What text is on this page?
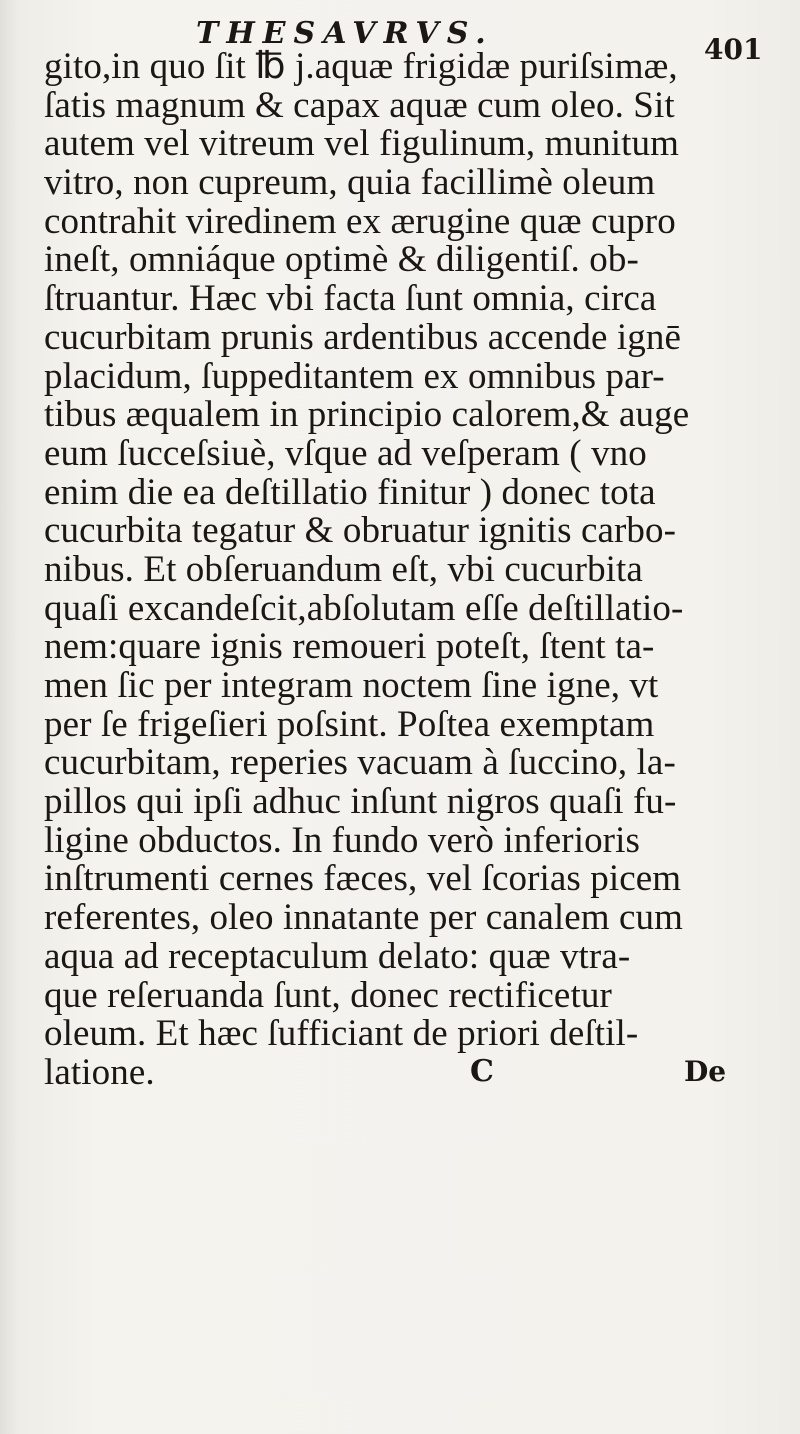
THESAVRVS.	401
gito,in quo ſit ℔ j.aquæ frigidæ puriſsimæ,
ſatis magnum & capax aquæ cum oleo. Sit
autem vel vitreum vel figulinum, munitum
vitro, non cupreum, quia facillimè oleum
contrahit viredinem ex ærugine quæ cupro
ineſt, omniáque optimè & diligentiſ. ob-
ſtruantur. Hæc vbi facta ſunt omnia, circa
cucurbitam prunis ardentibus accende ignē
placidum, ſuppeditantem ex omnibus par-
tibus æqualem in principio calorem,& auge
eum ſucceſsiuè, vſque ad veſperam ( vno
enim die ea deſtillatio finitur ) donec tota
cucurbita tegatur & obruatur ignitis carbo-
nibus. Et obſeruandum eſt, vbi cucurbita
quaſi excandeſcit,abſolutam eſſe deſtillatio-
nem:quare ignis remoueri poteſt, ſtent ta-
men ſic per integram noctem ſine igne, vt
per ſe frigeſieri poſsint. Poſtea exemptam
cucurbitam, reperies vacuam à ſuccino, la-
pillos qui ipſi adhuc inſunt nigros quaſi fu-
ligine obductos. In fundo verò inferioris
inſtrumenti cernes fæces, vel ſcorias picem
referentes, oleo innatante per canalem cum
aqua ad receptaculum delato: quæ vtra-
que reſeruanda ſunt, donec rectificetur
oleum. Et hæc ſufficiant de priori deſtil-
latione.	C	De
